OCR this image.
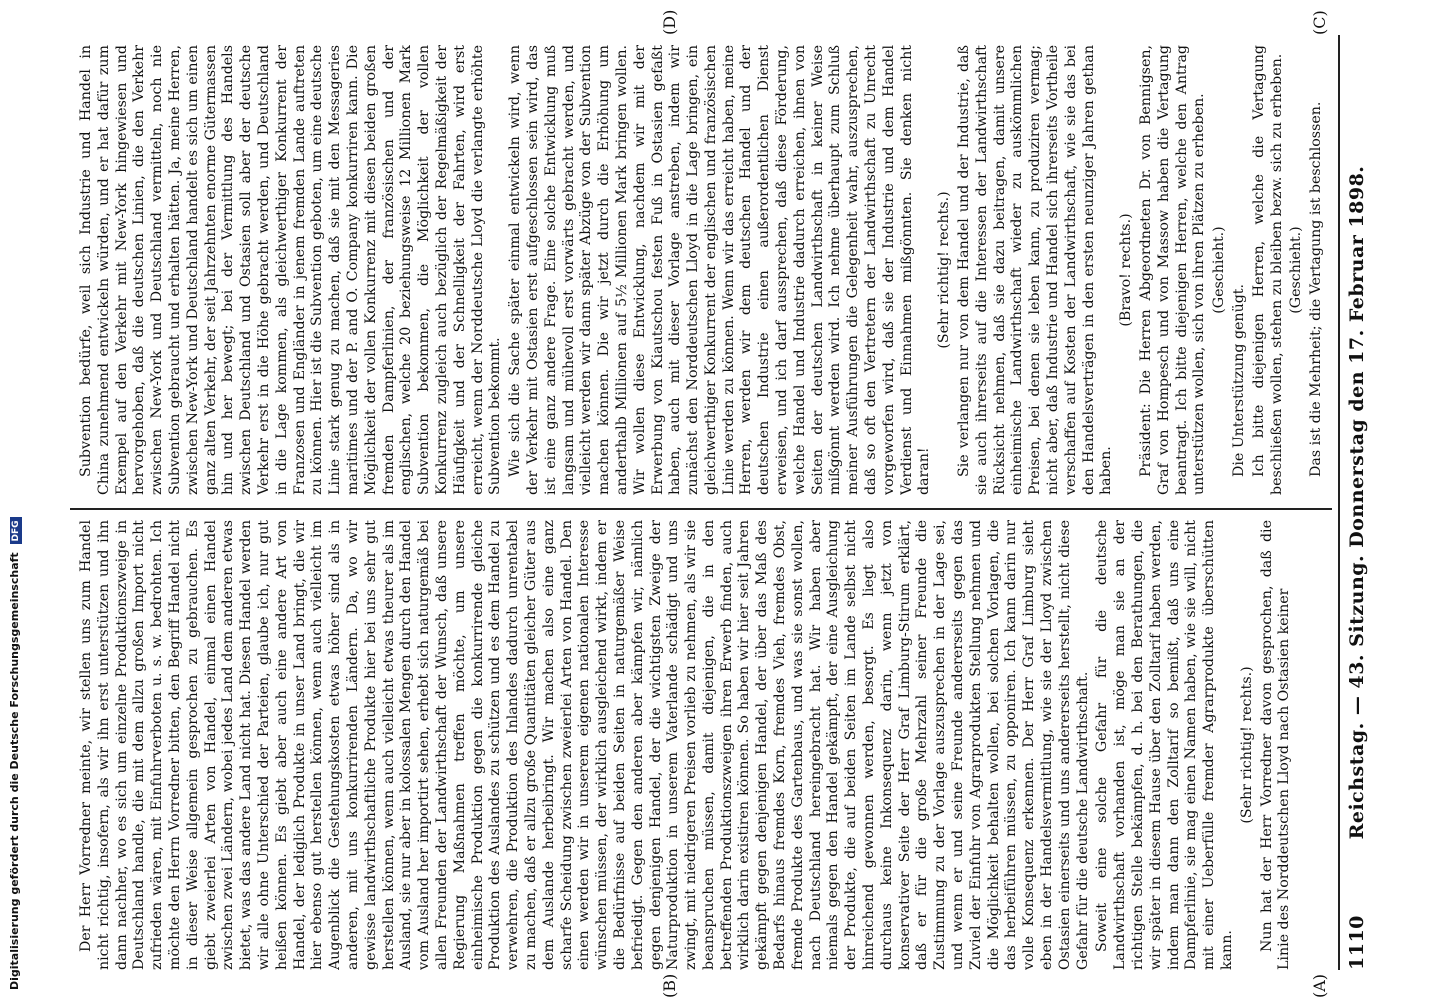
1110
Reichstag. — 43. Sitzung. Donnerstag den 17. Februar 1898.
(A)
(B)
(C)
(D)

Der Herr Vorredner meinte, wir stellen uns zum Handel nicht richtig, insofern, als wir ihn erst unterstützen und ihn dann nachher, wo es sich um einzelne Produktionszweige in Deutschland handle, die mit dem allzu großen Import nicht zufrieden wären, mit Einfuhrverboten u. s. w. bedrohten. Ich möchte den Herrn Vorredner bitten, den Begriff Handel nicht in dieser Weise allgemein gesprochen zu gebrauchen. Es giebt zweierlei Arten von Handel, einmal einen Handel zwischen zwei Ländern, wobei jedes Land dem anderen etwas bietet, was das andere Land nicht hat. Diesen Handel werden wir alle ohne Unterschied der Parteien, glaube ich, nur gut heißen können. Es giebt aber auch eine andere Art von Handel, der lediglich Produkte in unser Land bringt, die wir hier ebenso gut herstellen können, wenn auch vielleicht im Augenblick die Gestehungskosten etwas höher sind als in anderen, mit uns konkurrirenden Ländern. Da, wo wir gewisse landwirthschaftliche Produkte hier bei uns sehr gut herstellen können, wenn auch vielleicht etwas theurer als im Ausland, sie nur aber in kolossalen Mengen durch den Handel vom Ausland her importirt sehen, erhebt sich naturgemäß bei allen Freunden der Landwirthschaft der Wunsch, daß unsere Regierung Maßnahmen treffen möchte, um unsere einheimische Produktion gegen die konkurrirende gleiche Produktion des Auslandes zu schützen und es dem Handel zu verwehren, die Produktion des Inlandes dadurch unrentabel zu machen, daß er allzu große Quantitäten gleicher Güter aus dem Auslande herbeibringt. Wir machen also eine ganz scharfe Scheidung zwischen zweierlei Arten von Handel. Den einen werden wir in unserem eigenen nationalen Interesse wünschen müssen, der wirklich ausgleichend wirkt, indem er die Bedürfnisse auf beiden Seiten in naturgemäßer Weise befriedigt. Gegen den anderen aber kämpfen wir, nämlich gegen denjenigen Handel, der die wichtigsten Zweige der Naturproduktion in unserem Vaterlande schädigt und uns zwingt, mit niedrigeren Preisen vorlieb zu nehmen, als wir sie beanspruchen müssen, damit diejenigen, die in den betreffenden Produktionszweigen ihren Erwerb finden, auch wirklich darin existiren können. So haben wir hier seit Jahren gekämpft gegen denjenigen Handel, der über das Maß des Bedarfs hinaus fremdes Korn, fremdes Vieh, fremdes Obst, fremde Produkte des Gartenbaus, und was sie sonst wollen, nach Deutschland hereingebracht hat. Wir haben aber niemals gegen den Handel gekämpft, der eine Ausgleichung der Produkte, die auf beiden Seiten im Lande selbst nicht hinreichend gewonnen werden, besorgt. Es liegt also durchaus keine Inkonsequenz darin, wenn jetzt von konservativer Seite der Herr Graf Limburg-Stirum erklärt, daß er für die große Mehrzahl seiner Freunde die Zustimmung zu der Vorlage auszusprechen in der Lage sei, und wenn er und seine Freunde andererseits gegen das Zuviel der Einfuhr von Agrarprodukten Stellung nehmen und die Möglichkeit behalten wollen, bei solchen Vorlagen, die das herbeiführen müssen, zu opponiren. Ich kann darin nur volle Konsequenz erkennen. Der Herr Graf Limburg sieht eben in der Handelsvermittlung, wie sie der Lloyd zwischen Ostasien einerseits und uns andererseits herstellt, nicht diese Gefahr für die deutsche Landwirthschaft. Soweit eine solche Gefahr für die deutsche Landwirthschaft vorhanden ist, möge man sie an der richtigen Stelle bekämpfen, d. h. bei den Berathungen, die wir später in diesem Hause über den Zolltarif haben werden, indem man dann den Zolltarif so bemißt, daß uns eine Dampferlinie, sie mag einen Namen haben, wie sie will, nicht mit einer Ueberfülle fremder Agrarprodukte überschütten kann.

(Sehr richtig! rechts.) Nun hat der Herr Vorredner davon gesprochen, daß die Linie des Norddeutschen Lloyd nach Ostasien keiner

Subvention bedürfe, weil sich Industrie und Handel in China zunehmend entwickeln würden, und er hat dafür zum Exempel auf den Verkehr mit New-York hingewiesen und hervorgehoben, daß die deutschen Linien, die den Verkehr zwischen New-York und Deutschland vermitteln, noch nie Subvention gebraucht und erhalten hätten. Ja, meine Herren, zwischen New-York und Deutschland handelt es sich um einen ganz alten Verkehr, der seit Jahrzehnten enorme Gütermassen hin und her bewegt; bei der Vermittlung des Handels zwischen Deutschland und Ostasien soll aber der deutsche Verkehr erst in die Höhe gebracht werden, und Deutschland in die Lage kommen, als gleichwerthiger Konkurrent der Franzosen und Engländer in jenem fremden Lande auftreten zu können. Hier ist die Subvention geboten, um eine deutsche Linie stark genug zu machen, daß sie mit den Messageries maritimes und der P. and O. Company konkurriren kann. Die Möglichkeit der vollen Konkurrenz mit diesen beiden großen fremden Dampferlinien, der französischen und der englischen, welche 20 beziehungsweise 12 Millionen Mark Subvention bekommen, die Möglichkeit der vollen Konkurrenz zugleich auch bezüglich der Regelmäßigkeit der Häufigkeit und der Schnelligkeit der Fahrten, wird erst erreicht, wenn der Norddeutsche Lloyd die verlangte erhöhte Subvention bekommt. Wie sich die Sache später einmal entwickeln wird, wenn der Verkehr mit Ostasien erst aufgeschlossen sein wird, das ist eine ganz andere Frage. Eine solche Entwicklung muß langsam und mühevoll erst vorwärts gebracht werden, und vielleicht werden wir dann später Abzüge von der Subvention machen können. Die wir jetzt durch die Erhöhung um anderthalb Millionen auf 5½ Millionen Mark bringen wollen. Wir wollen diese Entwicklung, nachdem wir mit der Erwerbung von Kiautschou festen Fuß in Ostasien gefaßt haben, auch mit dieser Vorlage anstreben, indem wir zunächst den Norddeutschen Lloyd in die Lage bringen, ein gleichwerthiger Konkurrent der englischen und französischen Linie werden zu können. Wenn wir das erreicht haben, meine Herren, werden wir dem deutschen Handel und der deutschen Industrie einen außerordentlichen Dienst erweisen, und ich darf aussprechen, daß diese Förderung, welche Handel und Industrie dadurch erreichen, ihnen von Seiten der deutschen Landwirthschaft in keiner Weise mißgönnt werden wird. Ich nehme überhaupt zum Schluß meiner Ausführungen die Gelegenheit wahr, auszusprechen, daß so oft den Vertretern der Landwirthschaft zu Unrecht vorgeworfen wird, daß sie der Industrie und dem Handel Verdienst und Einnahmen mißgönnten. Sie denken nicht daran!

(Sehr richtig! rechts.) Sie verlangen nur von dem Handel und der Industrie, daß sie auch ihrerseits auf die Interessen der Landwirthschaft Rücksicht nehmen, daß sie dazu beitragen, damit unsere einheimische Landwirthschaft wieder zu auskömmlichen Preisen, bei denen sie leben kann, zu produziren vermag; nicht aber, daß Industrie und Handel sich ihrerseits Vortheile verschaffen auf Kosten der Landwirthschaft, wie sie das bei den Handelsverträgen in den ersten neunziger Jahren gethan haben.

(Bravo! rechts.) Präsident: Die Herren Abgeordneten Dr. von Bennigsen, Graf von Hompesch und von Massow haben die Vertagung beantragt. Ich bitte diejenigen Herren, welche den Antrag unterstützen wollen, sich von ihren Plätzen zu erheben. (Geschieht.)

Die Unterstützung genügt. Ich bitte diejenigen Herren, welche die Vertagung beschließen wollen, stehen zu bleiben bezw. sich zu erheben. (Geschieht.) Das ist die Mehrheit; die Vertagung ist beschlossen.

Digitalisierung gefördert durch die Deutsche Forschungsgemeinschaft DFG
